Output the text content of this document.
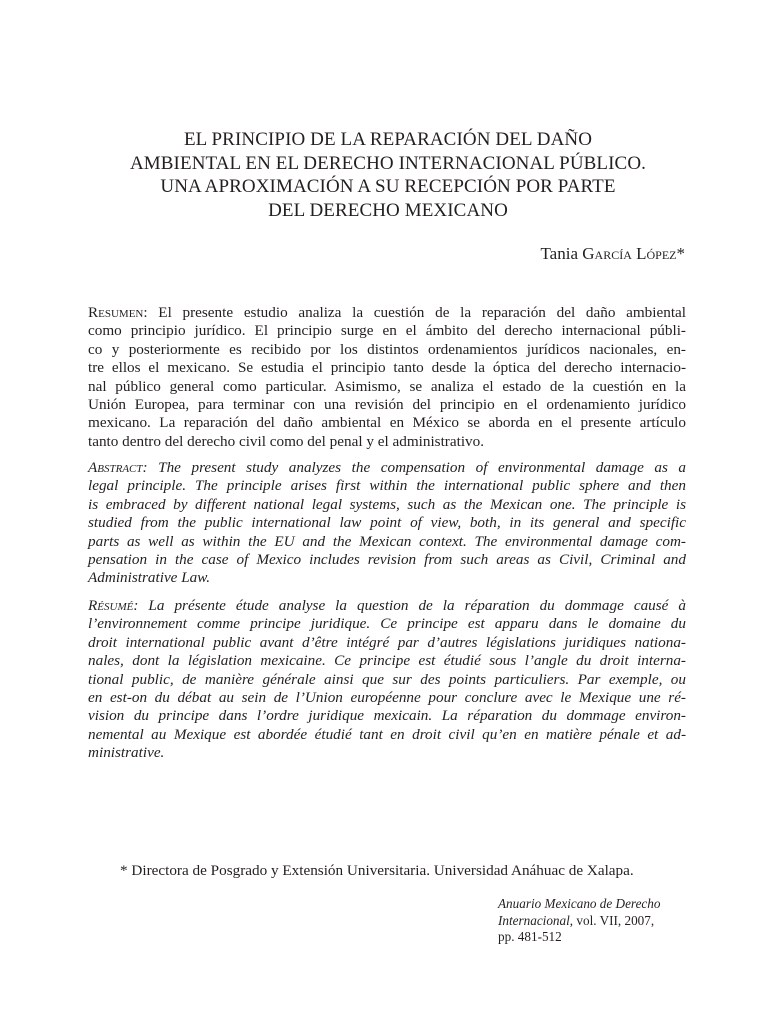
EL PRINCIPIO DE LA REPARACIÓN DEL DAÑO
AMBIENTAL EN EL DERECHO INTERNACIONAL PÚBLICO.
UNA APROXIMACIÓN A SU RECEPCIÓN POR PARTE
DEL DERECHO MEXICANO
Tania García López*
Resumen: El presente estudio analiza la cuestión de la reparación del daño ambiental
como principio jurídico. El principio surge en el ámbito del derecho internacional públi-
co y posteriormente es recibido por los distintos ordenamientos jurídicos nacionales, en-
tre ellos el mexicano. Se estudia el principio tanto desde la óptica del derecho internacio-
nal público general como particular. Asimismo, se analiza el estado de la cuestión en la
Unión Europea, para terminar con una revisión del principio en el ordenamiento jurídico
mexicano. La reparación del daño ambiental en México se aborda en el presente artículo
tanto dentro del derecho civil como del penal y el administrativo.
Abstract: The present study analyzes the compensation of environmental damage as a
legal principle. The principle arises first within the international public sphere and then
is embraced by different national legal systems, such as the Mexican one. The principle is
studied from the public international law point of view, both, in its general and specific
parts as well as within the EU and the Mexican context. The environmental damage com-
pensation in the case of Mexico includes revision from such areas as Civil, Criminal and
Administrative Law.
Résumé: La présente étude analyse la question de la réparation du dommage causé à
l’environnement comme principe juridique. Ce principe est apparu dans le domaine du
droit international public avant d’être intégré par d’autres législations juridiques nationa-
nales, dont la législation mexicaine. Ce principe est étudié sous l’angle du droit interna-
tional public, de manière générale ainsi que sur des points particuliers. Par exemple, ou
en est-on du débat au sein de l’Union européenne pour conclure avec le Mexique une ré-
vision du principe dans l’ordre juridique mexicain. La réparation du dommage environ-
nemental au Mexique est abordée étudié tant en droit civil qu’en en matière pénale et ad-
ministrative.
* Directora de Posgrado y Extensión Universitaria. Universidad Anáhuac de Xalapa.
Anuario Mexicano de Derecho
Internacional, vol. VII, 2007,
pp. 481-512
